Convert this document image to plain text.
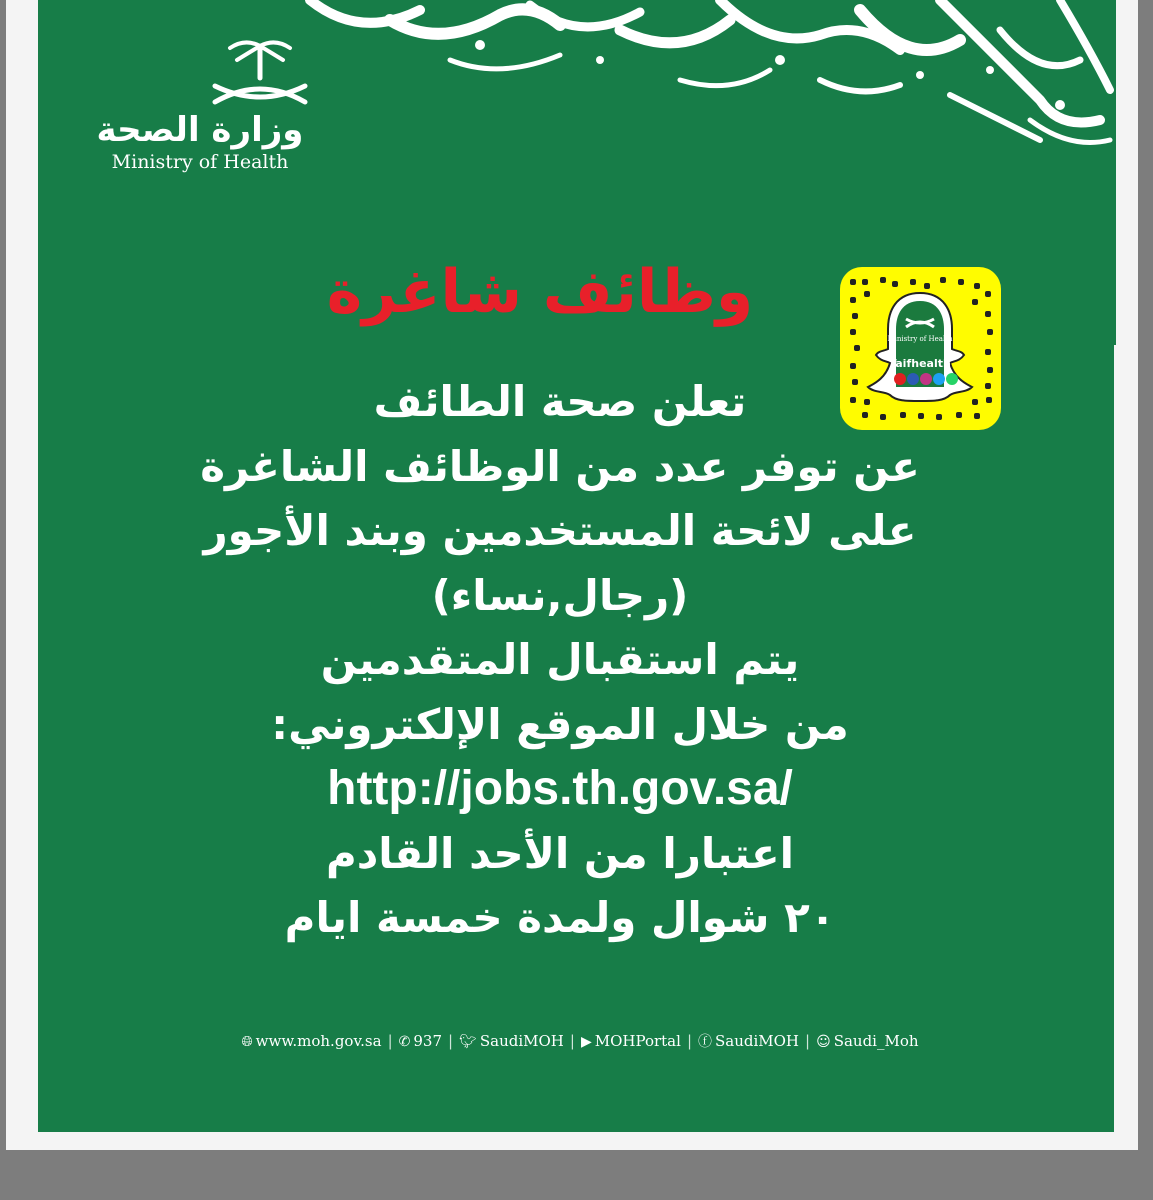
وزارة الصحة
Ministry of Health
وظائف شاغرة
Ministry of Health
Taifhealth
تعلن صحة الطائف
عن توفر عدد من الوظائف الشاغرة
على لائحة المستخدمين وبند الأجور
(رجال,نساء)
يتم استقبال المتقدمين
من خلال الموقع الإلكتروني:
http://jobs.th.gov.sa/
اعتبارا من الأحد القادم
٢٠ شوال ولمدة خمسة ايام
🌐︎ www.moh.gov.sa | ✆ 937 | 🐦︎ SaudiMOH | ▶ MOHPortal | ⓕ SaudiMOH | ☺ Saudi_Moh
